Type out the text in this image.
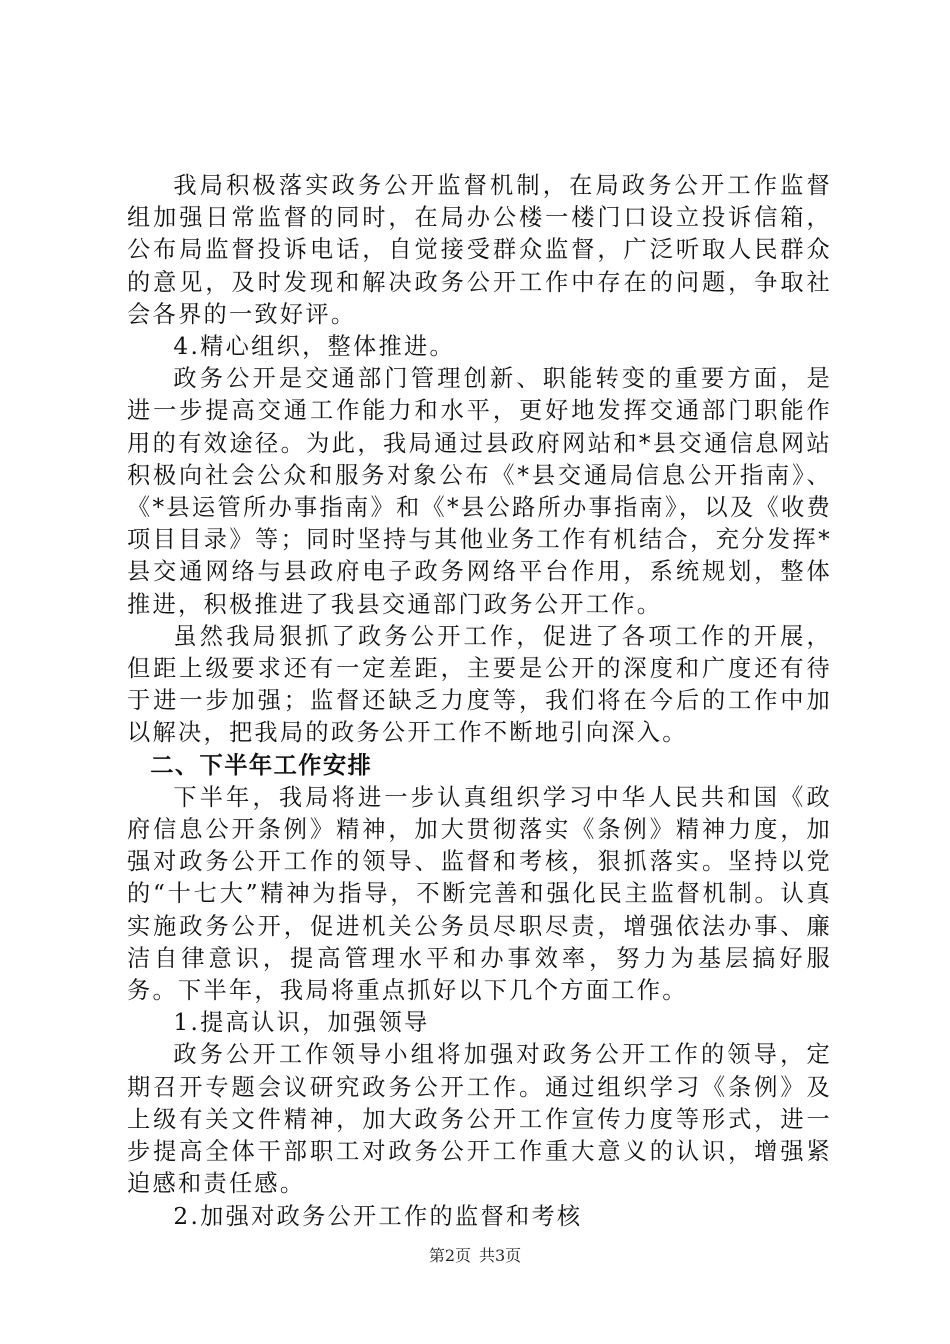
我局积极落实政务公开监督机制，在局政务公开工作监督组加强日常监督的同时，在局办公楼一楼门口设立投诉信箱，公布局监督投诉电话，自觉接受群众监督，广泛听取人民群众的意见，及时发现和解决政务公开工作中存在的问题，争取社会各界的一致好评。

4.精心组织，整体推进。

政务公开是交通部门管理创新、职能转变的重要方面，是进一步提高交通工作能力和水平，更好地发挥交通部门职能作用的有效途径。为此，我局通过县政府网站和*县交通信息网站积极向社会公众和服务对象公布《*县交通局信息公开指南》、《*县运管所办事指南》和《*县公路所办事指南》，以及《收费项目目录》等；同时坚持与其他业务工作有机结合，充分发挥*县交通网络与县政府电子政务网络平台作用，系统规划，整体推进，积极推进了我县交通部门政务公开工作。

虽然我局狠抓了政务公开工作，促进了各项工作的开展，但距上级要求还有一定差距，主要是公开的深度和广度还有待于进一步加强；监督还缺乏力度等，我们将在今后的工作中加以解决，把我局的政务公开工作不断地引向深入。

二、下半年工作安排

下半年，我局将进一步认真组织学习中华人民共和国《政府信息公开条例》精神，加大贯彻落实《条例》精神力度，加强对政务公开工作的领导、监督和考核，狠抓落实。坚持以党的“十七大”精神为指导，不断完善和强化民主监督机制。认真实施政务公开，促进机关公务员尽职尽责，增强依法办事、廉洁自律意识，提高管理水平和办事效率，努力为基层搞好服务。下半年，我局将重点抓好以下几个方面工作。

1.提高认识，加强领导

政务公开工作领导小组将加强对政务公开工作的领导，定期召开专题会议研究政务公开工作。通过组织学习《条例》及上级有关文件精神，加大政务公开工作宣传力度等形式，进一步提高全体干部职工对政务公开工作重大意义的认识，增强紧迫感和责任感。

2.加强对政务公开工作的监督和考核

第2页 共3页
